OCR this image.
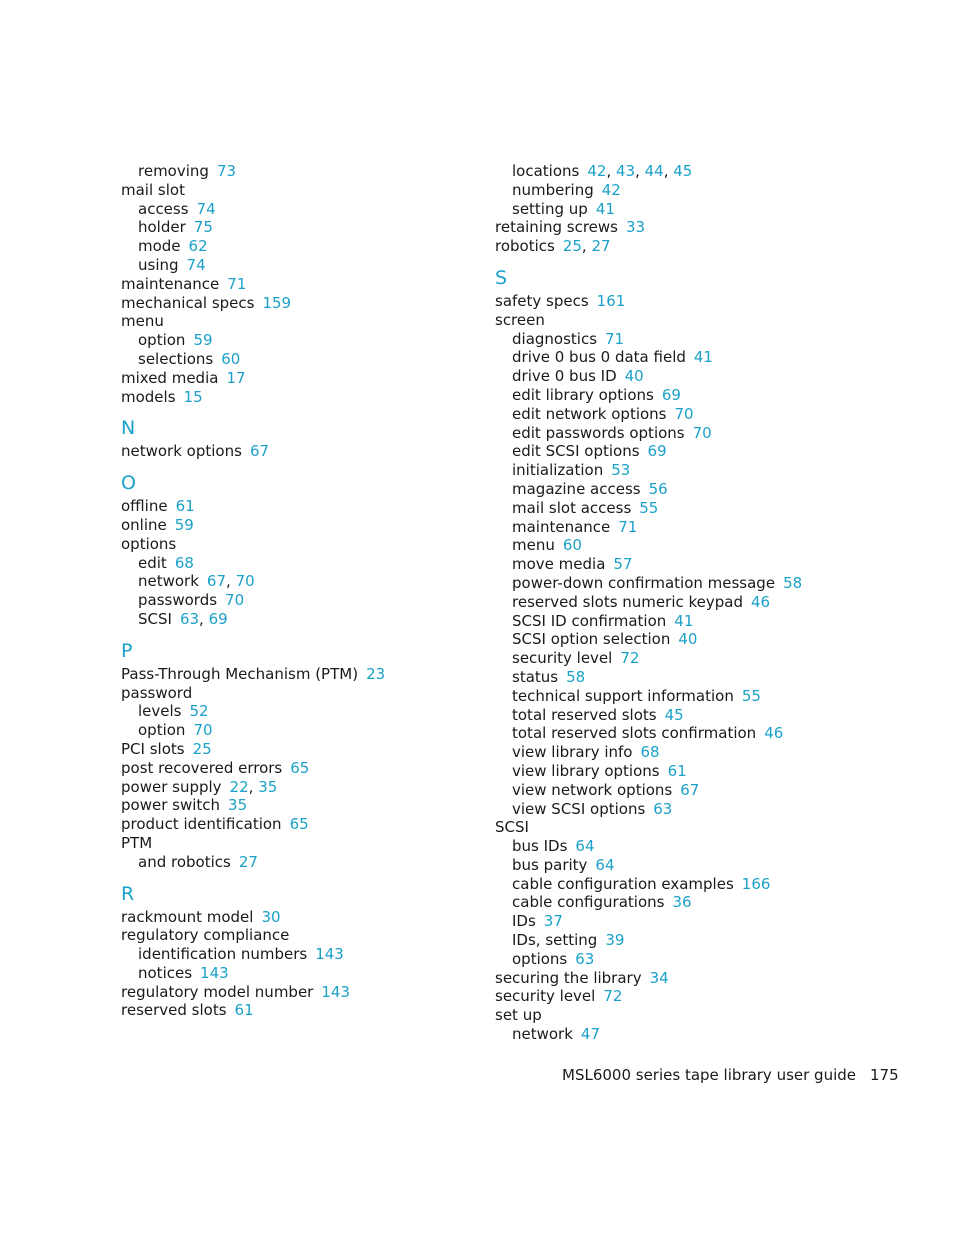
removing 73
mail slot
access 74
holder 75
mode 62
using 74
maintenance 71
mechanical specs 159
menu
option 59
selections 60
mixed media 17
models 15
N
network options 67
O
offline 61
online 59
options
edit 68
network 67, 70
passwords 70
SCSI 63, 69
P
Pass-Through Mechanism (PTM) 23
password
levels 52
option 70
PCI slots 25
post recovered errors 65
power supply 22, 35
power switch 35
product identification 65
PTM
and robotics 27
R
rackmount model 30
regulatory compliance
identification numbers 143
notices 143
regulatory model number 143
reserved slots 61
locations 42, 43, 44, 45
numbering 42
setting up 41
retaining screws 33
robotics 25, 27
S
safety specs 161
screen
diagnostics 71
drive 0 bus 0 data field 41
drive 0 bus ID 40
edit library options 69
edit network options 70
edit passwords options 70
edit SCSI options 69
initialization 53
magazine access 56
mail slot access 55
maintenance 71
menu 60
move media 57
power-down confirmation message 58
reserved slots numeric keypad 46
SCSI ID confirmation 41
SCSI option selection 40
security level 72
status 58
technical support information 55
total reserved slots 45
total reserved slots confirmation 46
view library info 68
view library options 61
view network options 67
view SCSI options 63
SCSI
bus IDs 64
bus parity 64
cable configuration examples 166
cable configurations 36
IDs 37
IDs, setting 39
options 63
securing the library 34
security level 72
set up
network 47
MSL6000 series tape library user guide 175
